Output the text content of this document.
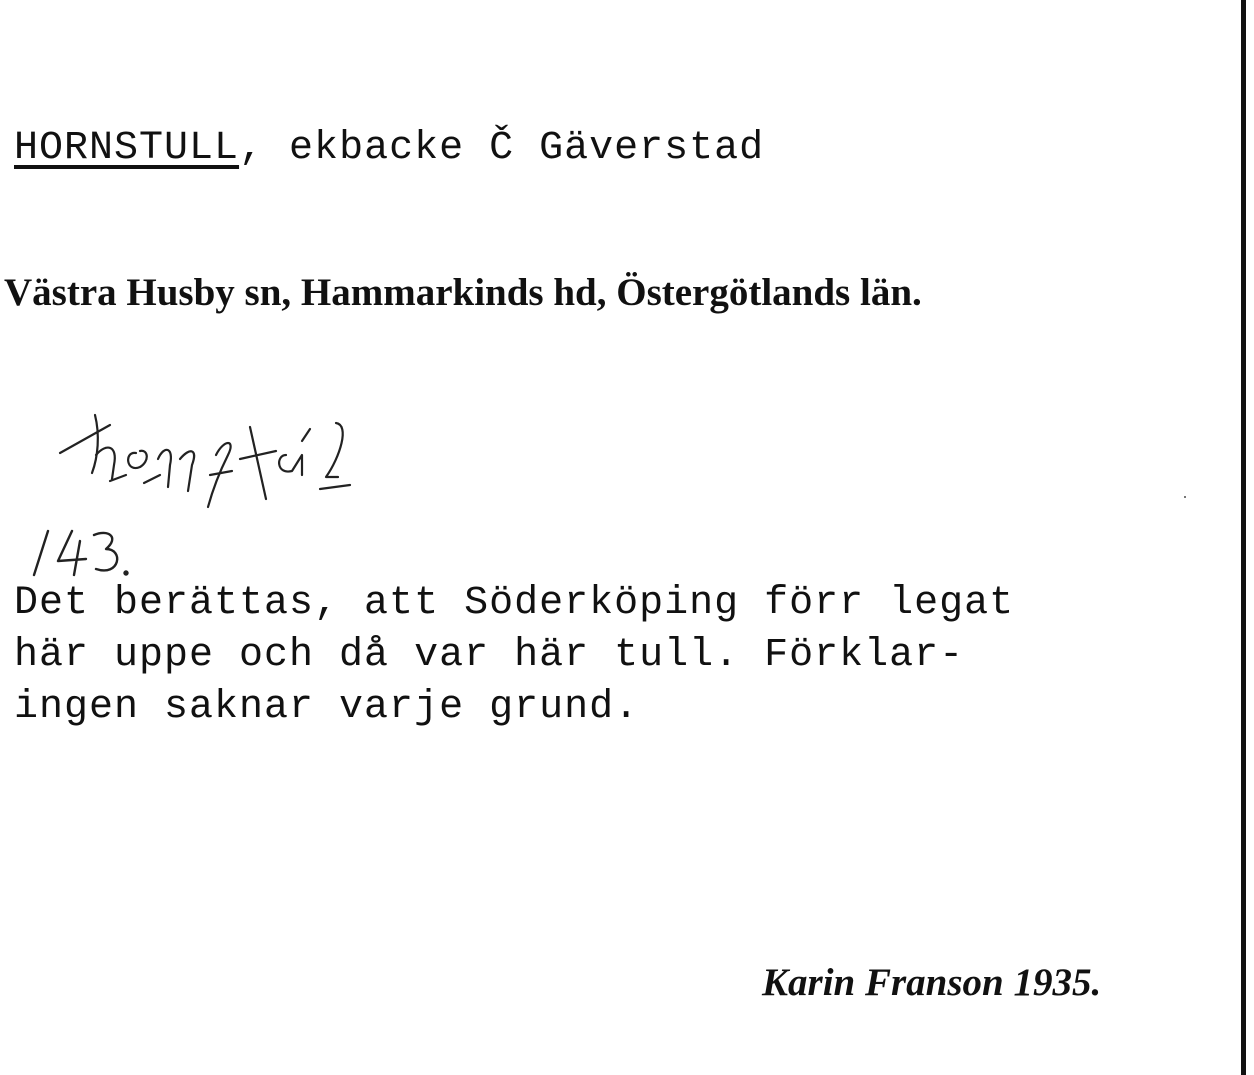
HORNSTULL, ekbacke Č Gäverstad
Västra Husby sn, Hammarkinds hd, Östergötlands län.
Det berättas, att Söderköping förr legat
här uppe och då var här tull. Förklar-
ingen saknar varje grund.
Karin Franson 1935.
